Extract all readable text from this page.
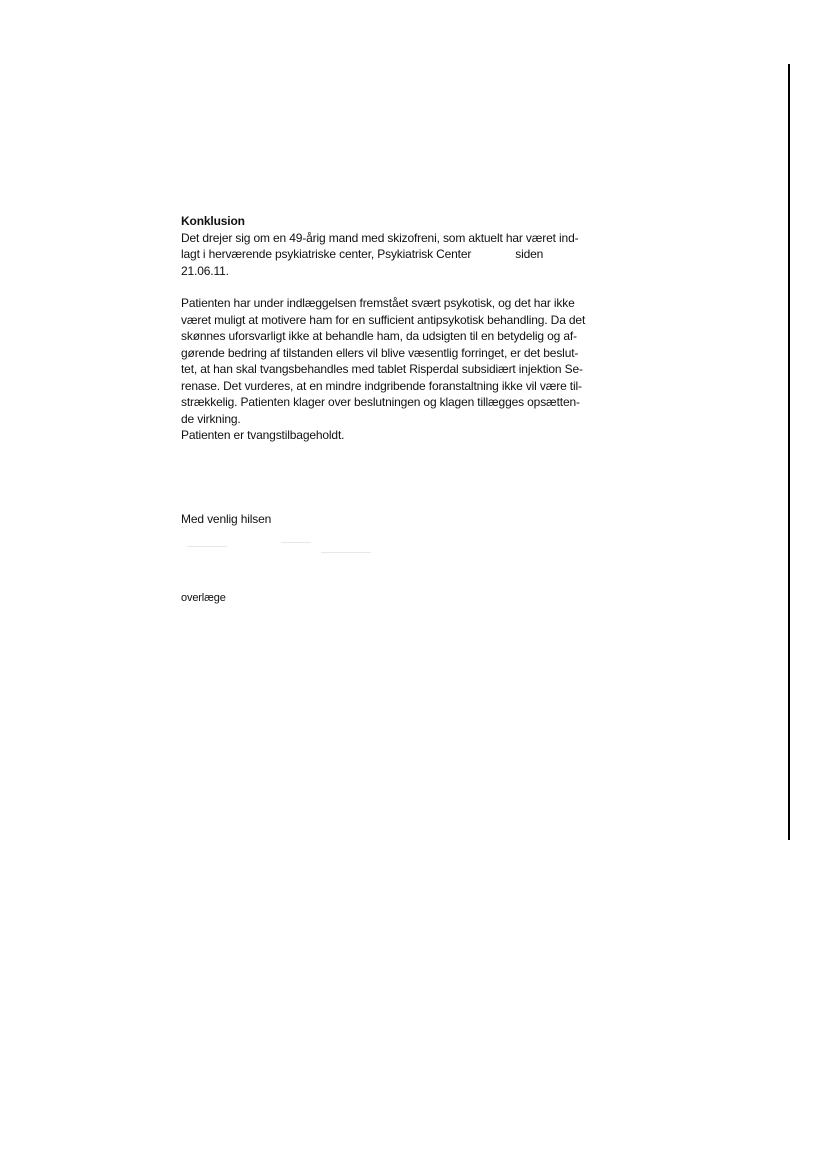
Konklusion
Det drejer sig om en 49-årig mand med skizofreni, som aktuelt har været ind-
lagt i herværende psykiatriske center, Psykiatrisk Center	siden
21.06.11.
Patienten har under indlæggelsen fremstået svært psykotisk, og det har ikke
været muligt at motivere ham for en sufficient antipsykotisk behandling. Da det
skønnes uforsvarligt ikke at behandle ham, da udsigten til en betydelig og af-
gørende bedring af tilstanden ellers vil blive væsentlig forringet, er det beslut-
tet, at han skal tvangsbehandles med tablet Risperdal subsidiært injektion Se-
renase. Det vurderes, at en mindre indgribende foranstaltning ikke vil være til-
strækkelig. Patienten klager over beslutningen og klagen tillægges opsætten-
de virkning.
Patienten er tvangstilbageholdt.
Med venlig hilsen
overlæge
